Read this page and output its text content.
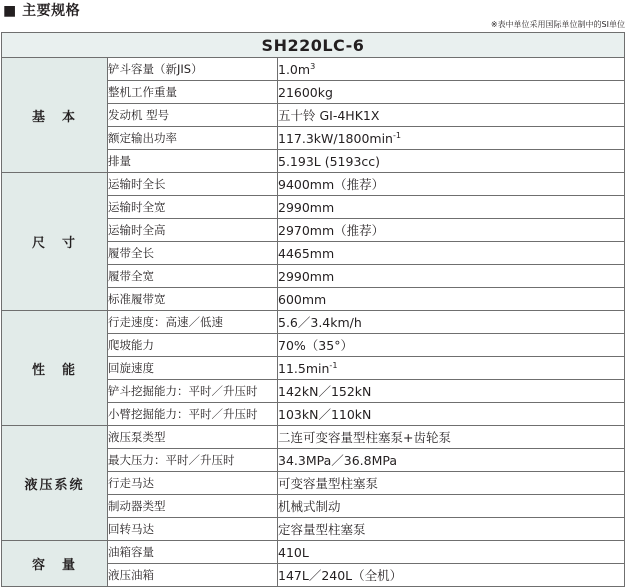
■ 主要规格
※表中单位采用国际单位制中的SI单位
SH220LC-6		
基　本	铲斗容量（新JIS）	$1.0m^3$
	整机工作重量	21600kg
	发动机 型号	五十铃 GI-4HK1X
	额定输出功率	$117.3kW/1800\min^{-1}$
	排量	5.193L (5193cc)
尺　寸	运输时全长	9400mm（推荐）
	运输时全宽	2990mm
	运输时全高	2970mm（推荐）
	履带全长	4465mm
	履带全宽	2990mm
	标准履带宽	600mm
性　能	行走速度：高速／低速	5.6／3.4km/h
	爬坡能力	70%（35°）
	回旋速度	$11.5\min^{-1}$
	铲斗挖掘能力：平时／升压时	142kN／152kN
	小臂挖掘能力：平时／升压时	103kN／110kN
液压系统	液压泵类型	二连可变容量型柱塞泵+齿轮泵
	最大压力：平时／升压时	34.3MPa／36.8MPa
	行走马达	可变容量型柱塞泵
	制动器类型	机械式制动
	回转马达	定容量型柱塞泵
容　量	油箱容量	410L
	液压油箱	147L／240L（全机）
